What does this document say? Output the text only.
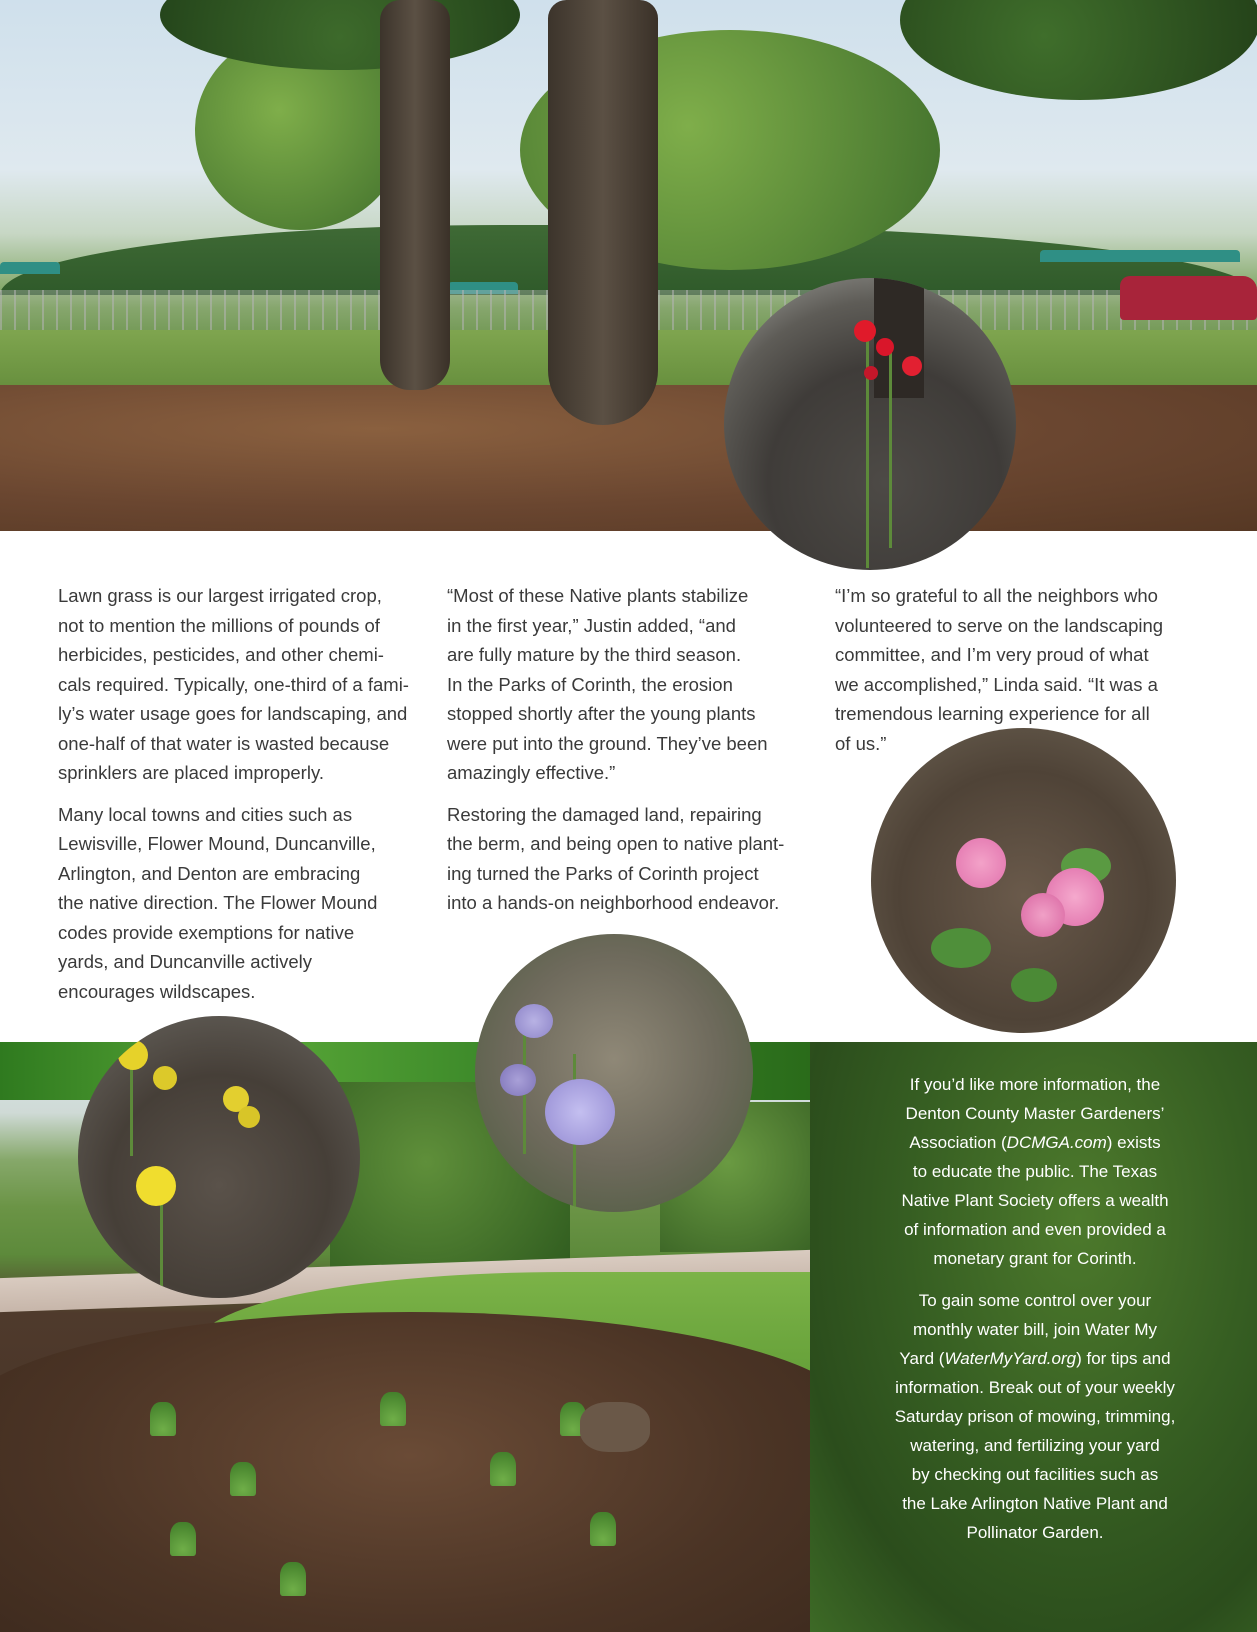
Lawn grass is our largest irrigated crop,
not to mention the millions of pounds of
herbicides, pesticides, and other chemi-
cals required. Typically, one-third of a fami-
ly’s water usage goes for landscaping, and
one-half of that water is wasted because
sprinklers are placed improperly.

Many local towns and cities such as
Lewisville, Flower Mound, Duncanville,
Arlington, and Denton are embracing
the native direction. The Flower Mound
codes provide exemptions for native
yards, and Duncanville actively
encourages wildscapes.

“Most of these Native plants stabilize
in the first year,” Justin added, “and
are fully mature by the third season.
In the Parks of Corinth, the erosion
stopped shortly after the young plants
were put into the ground. They’ve been
amazingly effective.”

Restoring the damaged land, repairing
the berm, and being open to native plant-
ing turned the Parks of Corinth project
into a hands-on neighborhood endeavor.

“I’m so grateful to all the neighbors who
volunteered to serve on the landscaping
committee, and I’m very proud of what
we accomplished,” Linda said. “It was a
tremendous learning experience for all
of us.”

If you’d like more information, the
Denton County Master Gardeners’
Association (DCMGA.com) exists
to educate the public. The Texas
Native Plant Society offers a wealth
of information and even provided a
monetary grant for Corinth.

To gain some control over your
monthly water bill, join Water My
Yard (WaterMyYard.org) for tips and
information. Break out of your weekly
Saturday prison of mowing, trimming,
watering, and fertilizing your yard
by checking out facilities such as
the Lake Arlington Native Plant and
Pollinator Garden.
